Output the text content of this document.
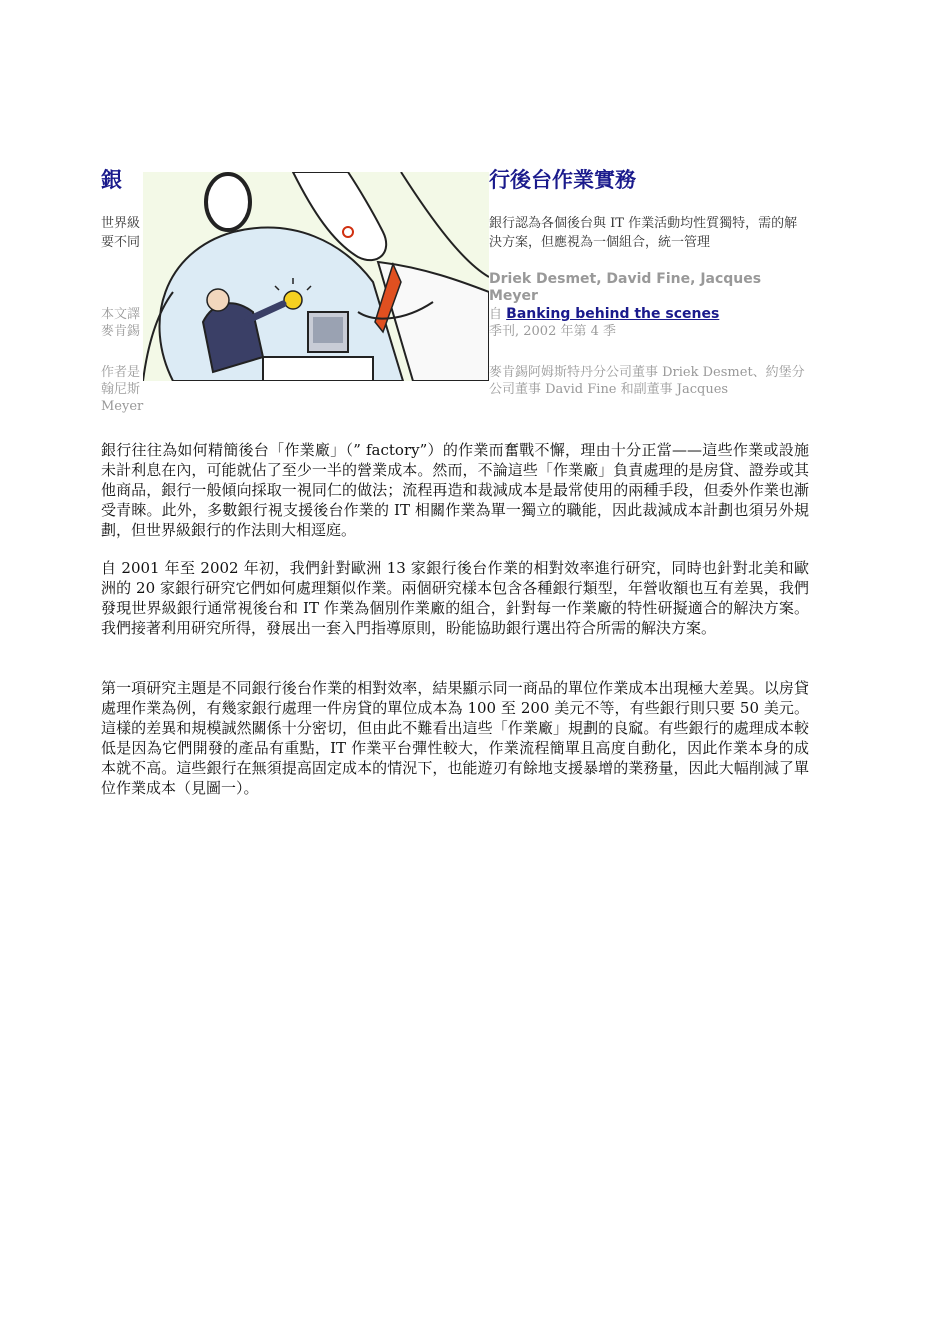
銀	行後台作業實務
世界級
要不同
銀行認為各個後台與 IT 作業活動均性質獨特，需的解決方案，但應視為一個組合，統一管理
Driek Desmet, David Fine, Jacques Meyer
本文譯
麥肯錫
自 Banking behind the scenes
季刊, 2002 年第 4 季
作者是
翰尼斯
Meyer
麥肯錫阿姆斯特丹分公司董事 Driek Desmet、約堡分公司董事 David Fine 和副董事 Jacques

銀行往往為如何精簡後台「作業廠」（” factory”）的作業而奮戰不懈，理由十分正當——這些作業或設施未計利息在內，可能就佔了至少一半的營業成本。然而，不論這些「作業廠」負責處理的是房貸、證券或其他商品，銀行一般傾向採取一視同仁的做法；流程再造和裁減成本是最常使用的兩種手段，但委外作業也漸受青睞。此外，多數銀行視支援後台作業的 IT 相關作業為單一獨立的職能，因此裁減成本計劃也須另外規劃，但世界級銀行的作法則大相逕庭。

自 2001 年至 2002 年初，我們針對歐洲 13 家銀行後台作業的相對效率進行研究，同時也針對北美和歐洲的 20 家銀行研究它們如何處理類似作業。兩個研究樣本包含各種銀行類型，年營收額也互有差異，我們發現世界級銀行通常視後台和 IT 作業為個別作業廠的組合，針對每一作業廠的特性研擬適合的解決方案。我們接著利用研究所得，發展出一套入門指導原則，盼能協助銀行選出符合所需的解決方案。

第一項研究主題是不同銀行後台作業的相對效率，結果顯示同一商品的單位作業成本出現極大差異。以房貸處理作業為例，有幾家銀行處理一件房貸的單位成本為 100 至 200 美元不等，有些銀行則只要 50 美元。這樣的差異和規模誠然關係十分密切，但由此不難看出這些「作業廠」規劃的良窳。有些銀行的處理成本較低是因為它們開發的產品有重點，IT 作業平台彈性較大，作業流程簡單且高度自動化，因此作業本身的成本就不高。這些銀行在無須提高固定成本的情況下，也能遊刃有餘地支援暴增的業務量，因此大幅削減了單位作業成本（見圖一）。
